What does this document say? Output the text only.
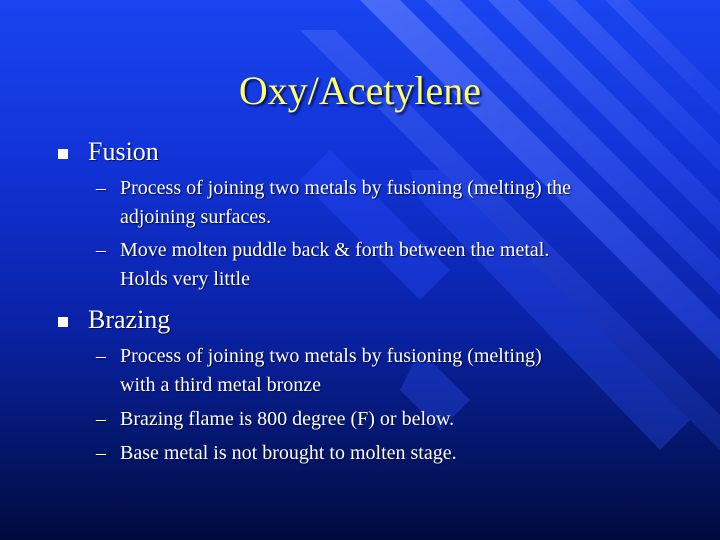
Oxy/Acetylene
Fusion
– Process of joining two metals by fusioning (melting) the
adjoining surfaces.
– Move molten puddle back & forth between the metal.
Holds very little
Brazing
– Process of joining two metals by fusioning (melting)
with a third metal bronze
– Brazing flame is 800 degree (F) or below.
– Base metal is not brought to molten stage.
